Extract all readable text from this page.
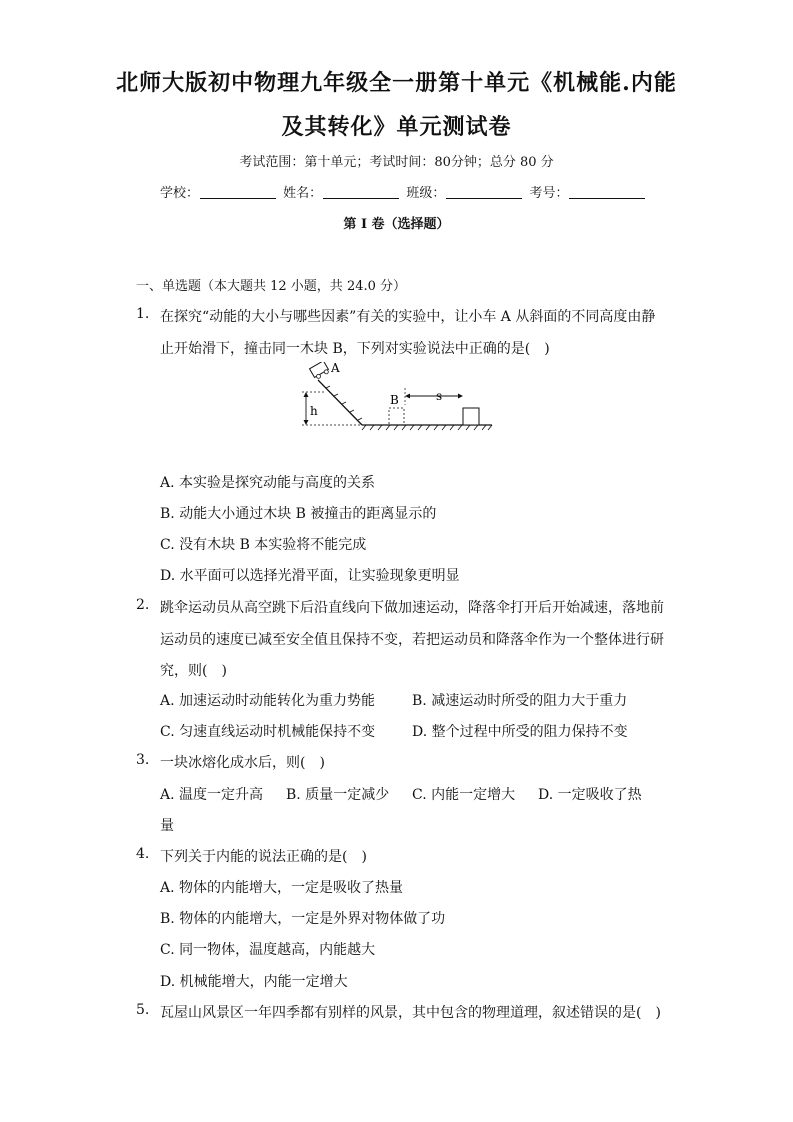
北师大版初中物理九年级全一册第十单元《机械能.内能
及其转化》单元测试卷
考试范围：第十单元；考试时间：80分钟；总分 80 分
学校：	姓名：	班级：	考号：
第 I 卷（选择题）
一、单选题（本大题共 12 小题，共 24.0 分）
1. 在探究“动能的大小与哪些因素”有关的实验中，让小车 A 从斜面的不同高度由静
止开始滑下，撞击同一木块 B，下列对实验说法中正确的是(　)
A
h
B	s
A. 本实验是探究动能与高度的关系
B. 动能大小通过木块 B 被撞击的距离显示的
C. 没有木块 B 本实验将不能完成
D. 水平面可以选择光滑平面，让实验现象更明显
2. 跳伞运动员从高空跳下后沿直线向下做加速运动，降落伞打开后开始减速，落地前
运动员的速度已减至安全值且保持不变，若把运动员和降落伞作为一个整体进行研
究，则(　)
A. 加速运动时动能转化为重力势能	B. 减速运动时所受的阻力大于重力
C. 匀速直线运动时机械能保持不变	D. 整个过程中所受的阻力保持不变
3. 一块冰熔化成水后，则(　)
A. 温度一定升高 B. 质量一定减少 C. 内能一定增大 D. 一定吸收了热
量
4. 下列关于内能的说法正确的是(　)
A. 物体的内能增大，一定是吸收了热量
B. 物体的内能增大，一定是外界对物体做了功
C. 同一物体，温度越高，内能越大
D. 机械能增大，内能一定增大
5. 瓦屋山风景区一年四季都有别样的风景，其中包含的物理道理，叙述错误的是(　)
